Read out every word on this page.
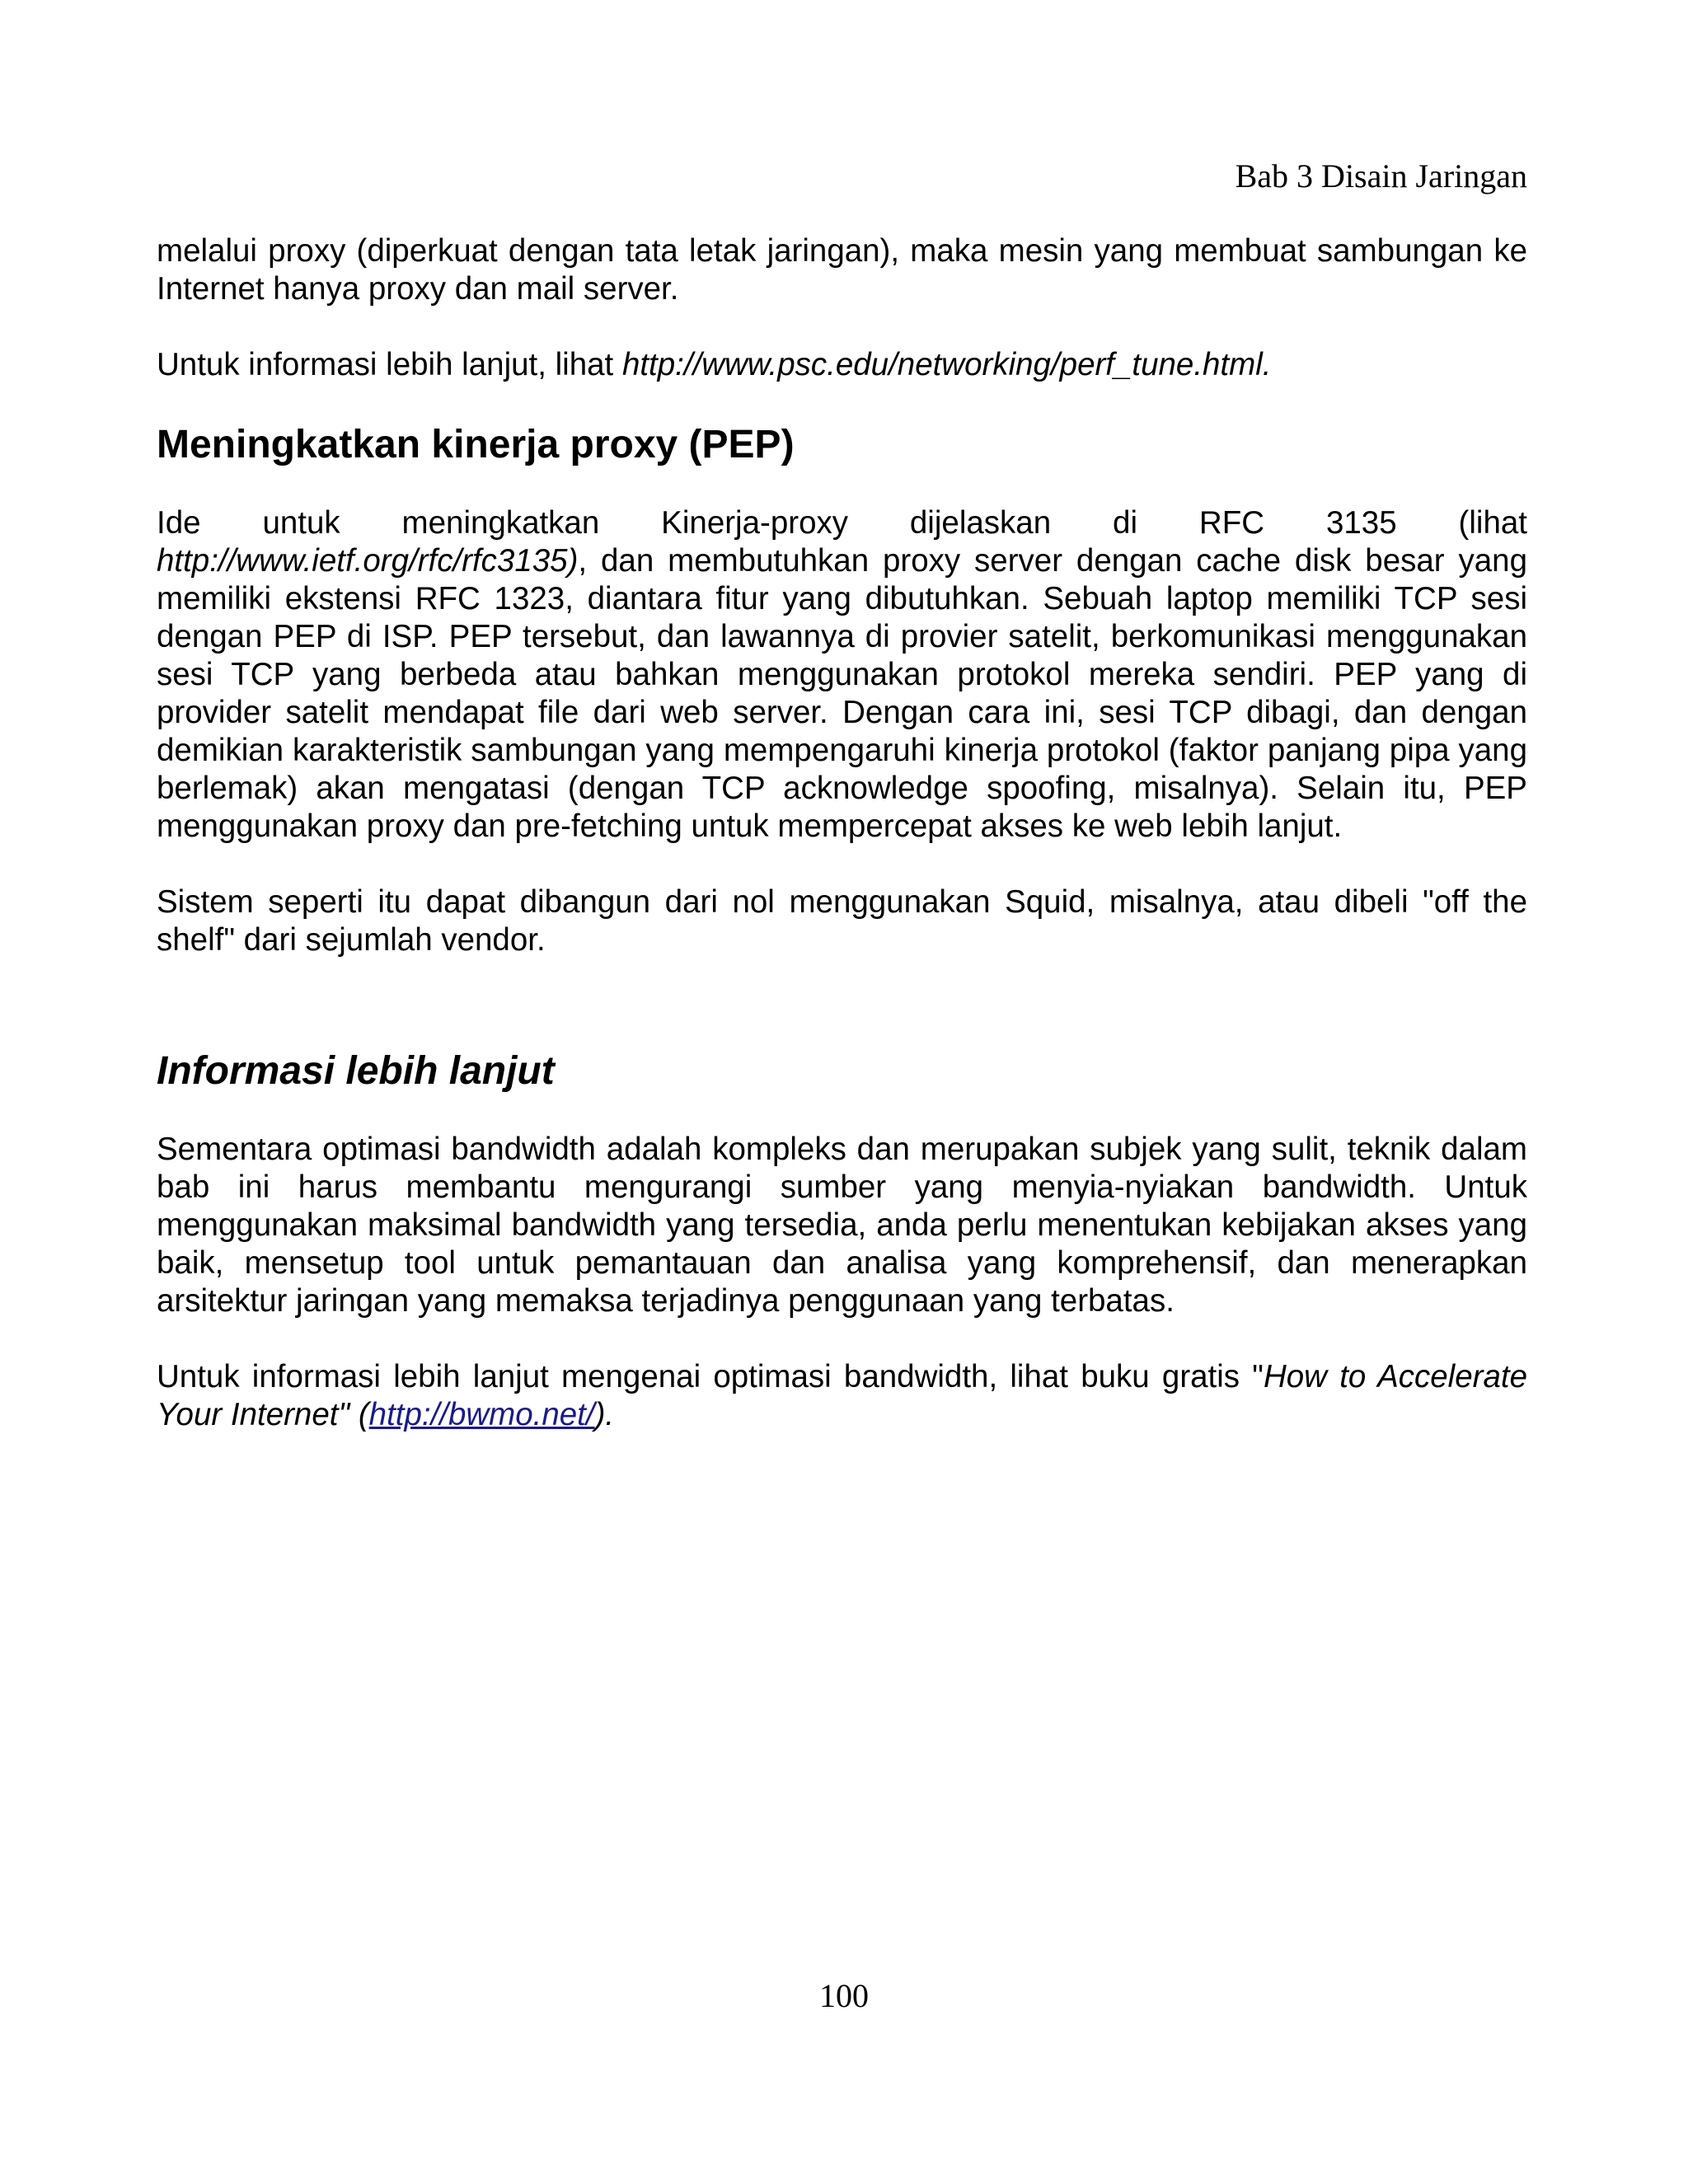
Bab 3 Disain Jaringan

melalui proxy (diperkuat dengan tata letak jaringan), maka mesin yang membuat sambungan ke Internet hanya proxy dan mail server.

Untuk informasi lebih lanjut, lihat http://www.psc.edu/networking/perf_tune.html.

Meningkatkan kinerja proxy (PEP)

Ide untuk meningkatkan Kinerja-proxy dijelaskan di RFC 3135 (lihat http://www.ietf.org/rfc/rfc3135), dan membutuhkan proxy server dengan cache disk besar yang memiliki ekstensi RFC 1323, diantara fitur yang dibutuhkan. Sebuah laptop memiliki TCP sesi dengan PEP di ISP. PEP tersebut, dan lawannya di provier satelit, berkomunikasi menggunakan sesi TCP yang berbeda atau bahkan menggunakan protokol mereka sendiri. PEP yang di provider satelit mendapat file dari web server. Dengan cara ini, sesi TCP dibagi, dan dengan demikian karakteristik sambungan yang mempengaruhi kinerja protokol (faktor panjang pipa yang berlemak) akan mengatasi (dengan TCP acknowledge spoofing, misalnya). Selain itu, PEP menggunakan proxy dan pre-fetching untuk mempercepat akses ke web lebih lanjut.

Sistem seperti itu dapat dibangun dari nol menggunakan Squid, misalnya, atau dibeli "off the shelf" dari sejumlah vendor.

Informasi lebih lanjut

Sementara optimasi bandwidth adalah kompleks dan merupakan subjek yang sulit, teknik dalam bab ini harus membantu mengurangi sumber yang menyia-nyiakan bandwidth. Untuk menggunakan maksimal bandwidth yang tersedia, anda perlu menentukan kebijakan akses yang baik, mensetup tool untuk pemantauan dan analisa yang komprehensif, dan menerapkan arsitektur jaringan yang memaksa terjadinya penggunaan yang terbatas.

Untuk informasi lebih lanjut mengenai optimasi bandwidth, lihat buku gratis "How to Accelerate Your Internet" (http://bwmo.net/).

100
